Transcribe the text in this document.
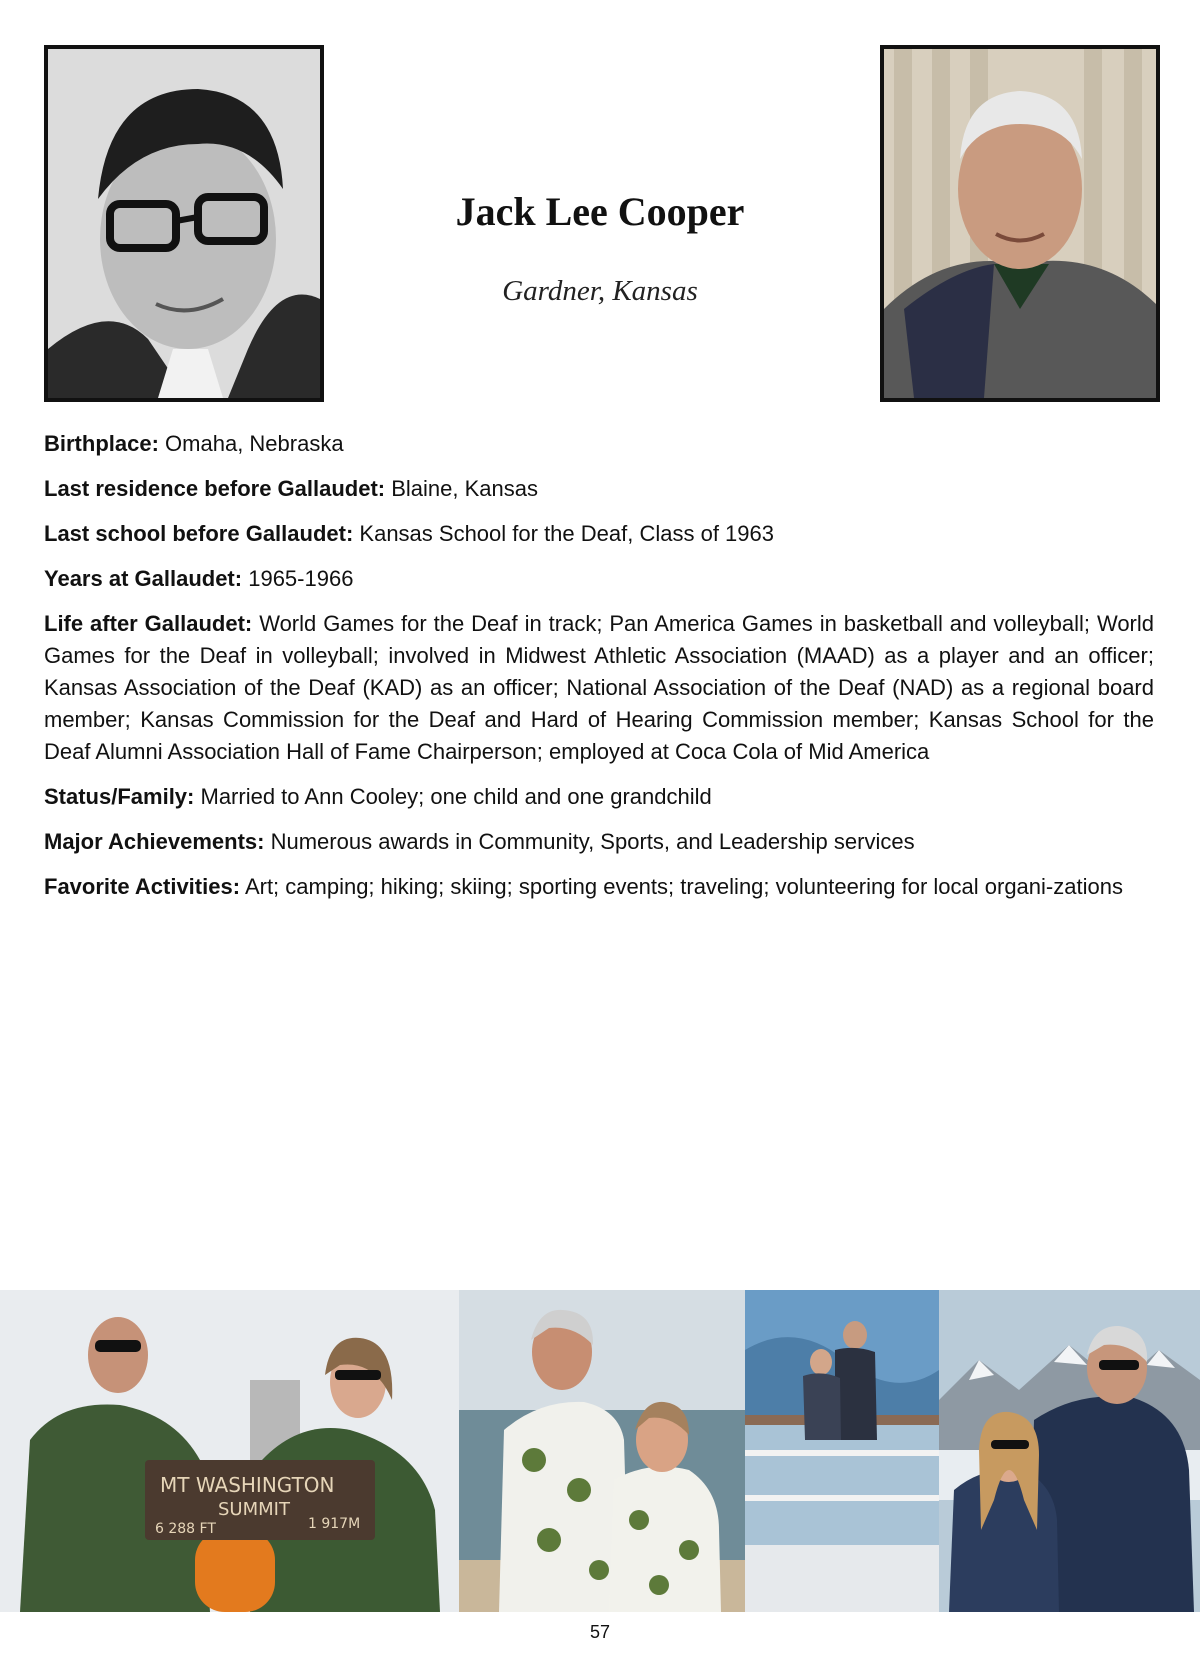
Jack Lee Cooper
Gardner, Kansas

Birthplace: Omaha, Nebraska

Last residence before Gallaudet: Blaine, Kansas

Last school before Gallaudet: Kansas School for the Deaf, Class of 1963

Years at Gallaudet: 1965-1966

Life after Gallaudet: World Games for the Deaf in track; Pan America Games in basketball and volleyball; World Games for the Deaf in volleyball; involved in Midwest Athletic Association (MAAD) as a player and an officer; Kansas Association of the Deaf (KAD) as an officer; National Association of the Deaf (NAD) as a regional board member; Kansas Commission for the Deaf and Hard of Hearing Commission member; Kansas School for the Deaf Alumni Association Hall of Fame Chairperson; employed at Coca Cola of Mid America

Status/Family: Married to Ann Cooley; one child and one grandchild

Major Achievements: Numerous awards in Community, Sports, and Leadership services

Favorite Activities: Art; camping; hiking; skiing; sporting events; traveling; volunteering for local organi-zations

MT WASHINGTON
SUMMIT
6 288 FT	1 917M
57
